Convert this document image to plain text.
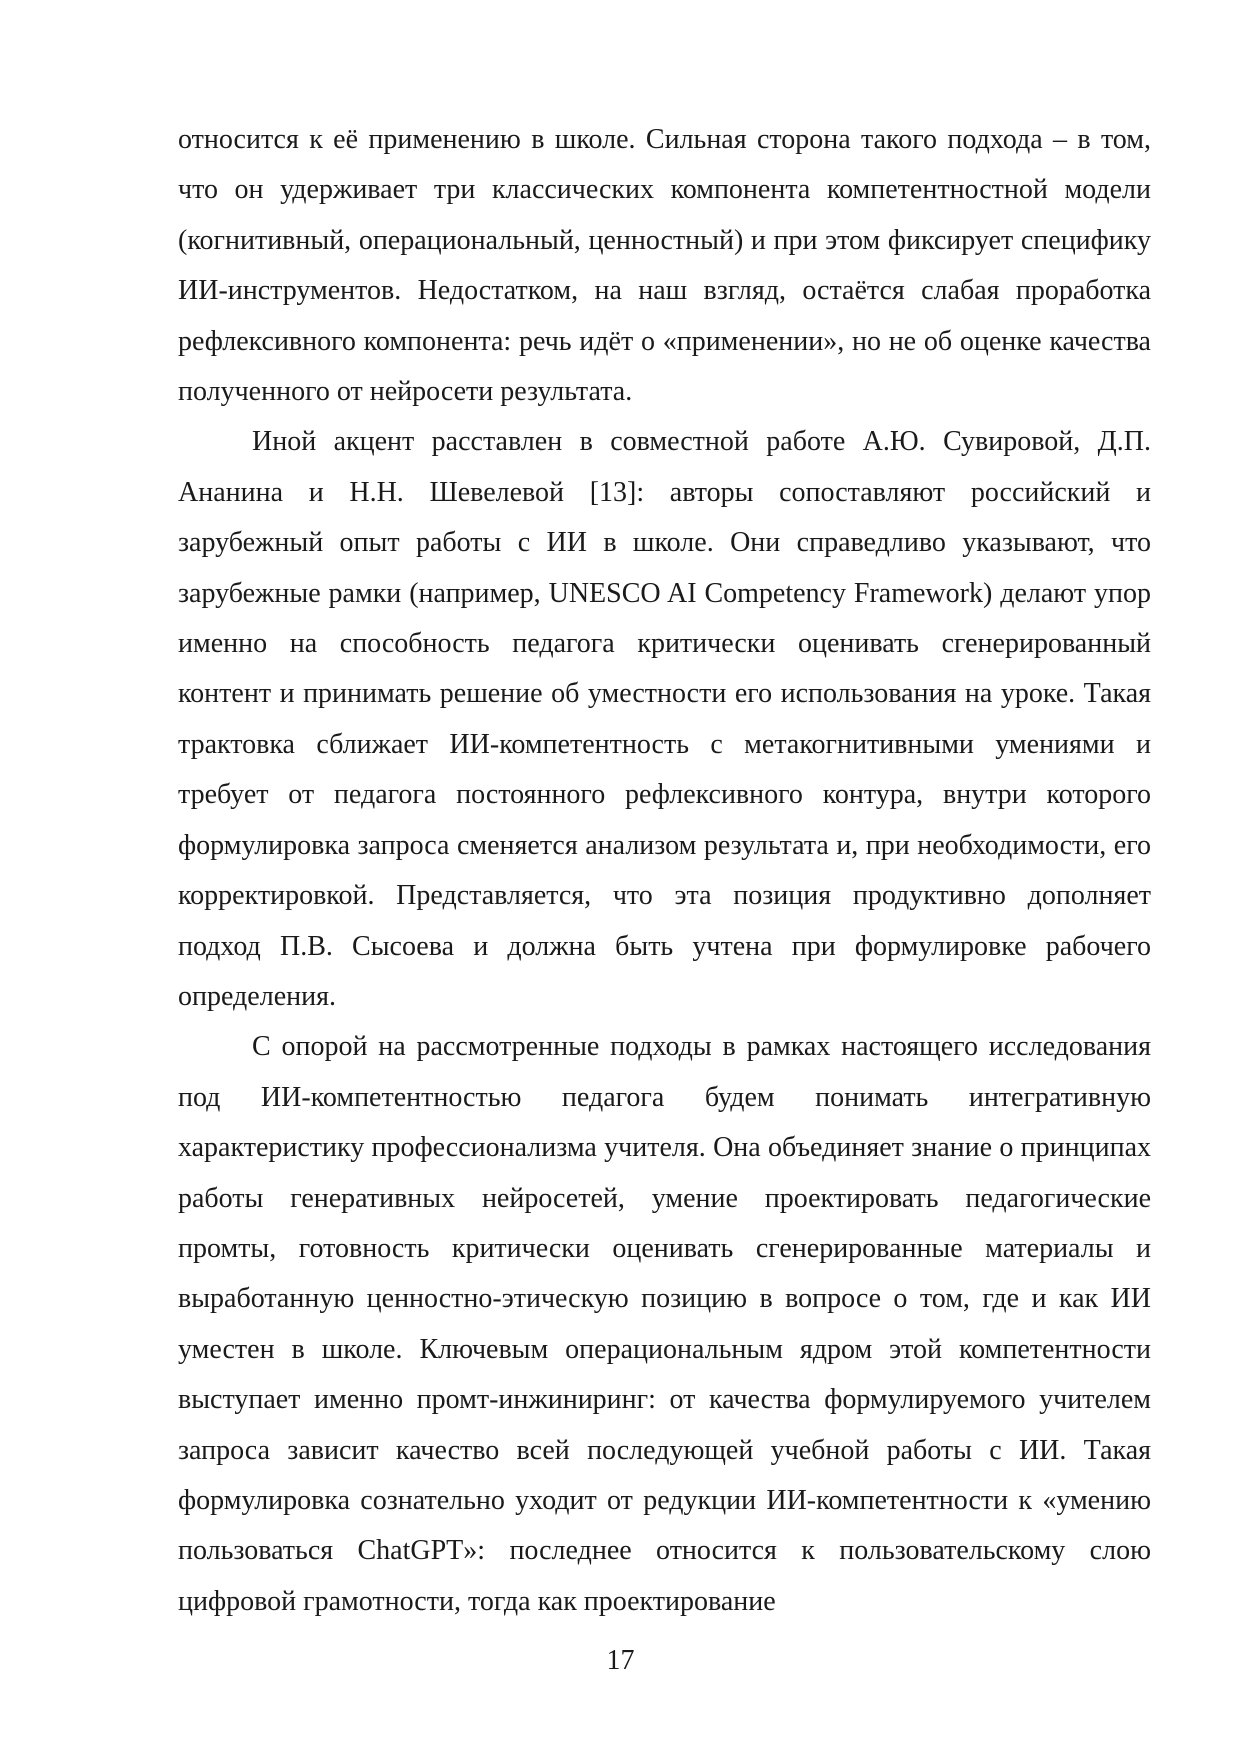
относится к её применению в школе. Сильная сторона такого подхода – в том, что он удерживает три классических компонента компетентностной модели (когнитивный, операциональный, ценностный) и при этом фиксирует специфику ИИ-инструментов. Недостатком, на наш взгляд, остаётся слабая проработка рефлексивного компонента: речь идёт о «применении», но не об оценке качества полученного от нейросети результата.

Иной акцент расставлен в совместной работе А.Ю. Сувировой, Д.П. Ананина и Н.Н. Шевелевой [13]: авторы сопоставляют российский и зарубежный опыт работы с ИИ в школе. Они справедливо указывают, что зарубежные рамки (например, UNESCO AI Competency Framework) делают упор именно на способность педагога критически оценивать сгенерированный контент и принимать решение об уместности его использования на уроке. Такая трактовка сближает ИИ-компетентность с метакогнитивными умениями и требует от педагога постоянного рефлексивного контура, внутри которого формулировка запроса сменяется анализом результата и, при необходимости, его корректировкой. Представляется, что эта позиция продуктивно дополняет подход П.В. Сысоева и должна быть учтена при формулировке рабочего определения.

С опорой на рассмотренные подходы в рамках настоящего исследования под ИИ-компетентностью педагога будем понимать интегративную характеристику профессионализма учителя. Она объединяет знание о принципах работы генеративных нейросетей, умение проектировать педагогические промты, готовность критически оценивать сгенерированные материалы и выработанную ценностно-этическую позицию в вопросе о том, где и как ИИ уместен в школе. Ключевым операциональным ядром этой компетентности выступает именно промт-инжиниринг: от качества формулируемого учителем запроса зависит качество всей последующей учебной работы с ИИ. Такая формулировка сознательно уходит от редукции ИИ-компетентности к «умению пользоваться ChatGPT»: последнее относится к пользовательскому слою цифровой грамотности, тогда как проектирование

17
